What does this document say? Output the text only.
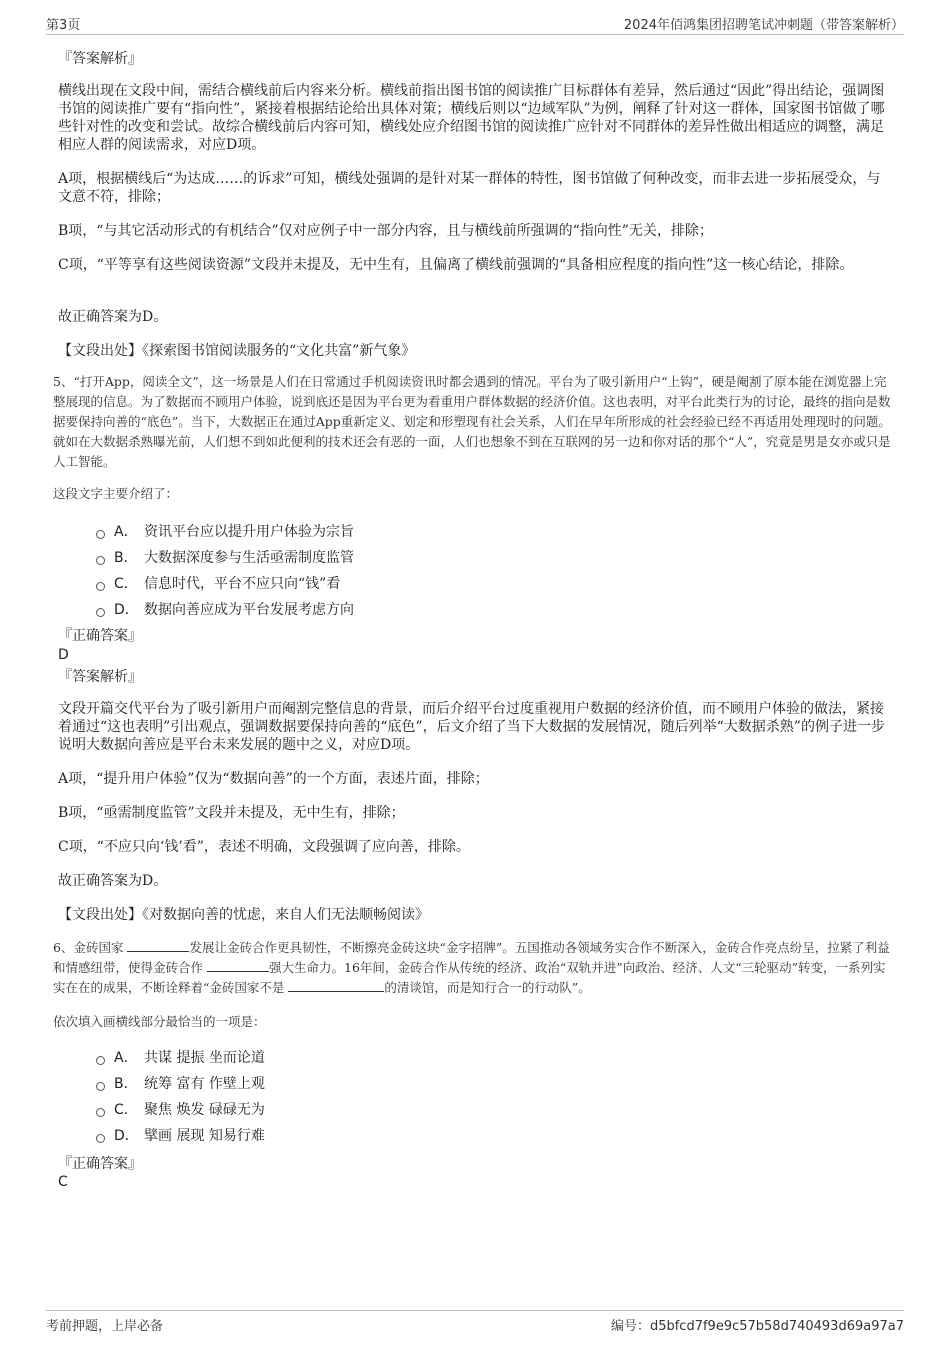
第3页	2024年佰鸿集团招聘笔试冲刺题（带答案解析）

『答案解析』

横线出现在文段中间，需结合横线前后内容来分析。横线前指出图书馆的阅读推广目标群体有差异，然后通过“因此”得出结论，强调图书馆的阅读推广要有“指向性”，紧接着根据结论给出具体对策；横线后则以“边域军队”为例，阐释了针对这一群体，国家图书馆做了哪些针对性的改变和尝试。故综合横线前后内容可知，横线处应介绍图书馆的阅读推广应针对不同群体的差异性做出相适应的调整，满足相应人群的阅读需求，对应D项。

A项，根据横线后“为达成……的诉求”可知，横线处强调的是针对某一群体的特性，图书馆做了何种改变，而非去进一步拓展受众，与文意不符，排除；

B项，“与其它活动形式的有机结合”仅对应例子中一部分内容，且与横线前所强调的“指向性”无关，排除；

C项，“平等享有这些阅读资源”文段并未提及，无中生有，且偏离了横线前强调的“具备相应程度的指向性”这一核心结论，排除。

故正确答案为D。

【文段出处】《探索图书馆阅读服务的“文化共富”新气象》

5、“打开App，阅读全文”，这一场景是人们在日常通过手机阅读资讯时都会遇到的情况。平台为了吸引新用户“上钩”，硬是阉割了原本能在浏览器上完整展现的信息。为了数据而不顾用户体验，说到底还是因为平台更为看重用户群体数据的经济价值。这也表明，对平台此类行为的讨论，最终的指向是数据要保持向善的“底色”。当下，大数据正在通过App重新定义、划定和形塑现有社会关系，人们在早年所形成的社会经验已经不再适用处理现时的问题。就如在大数据杀熟曝光前，人们想不到如此便利的技术还会有恶的一面，人们也想象不到在互联网的另一边和你对话的那个“人”，究竟是男是女亦或只是人工智能。

这段文字主要介绍了：

A． 资讯平台应以提升用户体验为宗旨
B． 大数据深度参与生活亟需制度监管
C． 信息时代，平台不应只向“钱”看
D． 数据向善应成为平台发展考虑方向

『正确答案』

D

『答案解析』

文段开篇交代平台为了吸引新用户而阉割完整信息的背景，而后介绍平台过度重视用户数据的经济价值，而不顾用户体验的做法，紧接着通过“这也表明”引出观点，强调数据要保持向善的“底色”，后文介绍了当下大数据的发展情况，随后列举“大数据杀熟”的例子进一步说明大数据向善应是平台未来发展的题中之义，对应D项。

A项，“提升用户体验”仅为“数据向善”的一个方面，表述片面，排除；

B项，“亟需制度监管”文段并未提及，无中生有，排除；

C项，“不应只向‘钱’看”，表述不明确，文段强调了应向善，排除。

故正确答案为D。

【文段出处】《对数据向善的忧虑，来自人们无法顺畅阅读》

6、金砖国家	发展让金砖合作更具韧性，不断擦亮金砖这块“金字招牌”。五国推动各领域务实合作不断深入，金砖合作亮点纷呈，拉紧了利益和情感纽带，使得金砖合作	强大生命力。16年间，金砖合作从传统的经济、政治“双轨并进”向政治、经济、人文“三轮驱动”转变，一系列实实在在的成果，不断诠释着“金砖国家不是	的清谈馆，而是知行合一的行动队”。

依次填入画横线部分最恰当的一项是：

A． 共谋 提振 坐而论道
B． 统筹 富有 作壁上观
C． 聚焦 焕发 碌碌无为
D． 擘画 展现 知易行难

『正确答案』

C

考前押题，上岸必备	编号：d5bfcd7f9e9c57b58d740493d69a97a7
